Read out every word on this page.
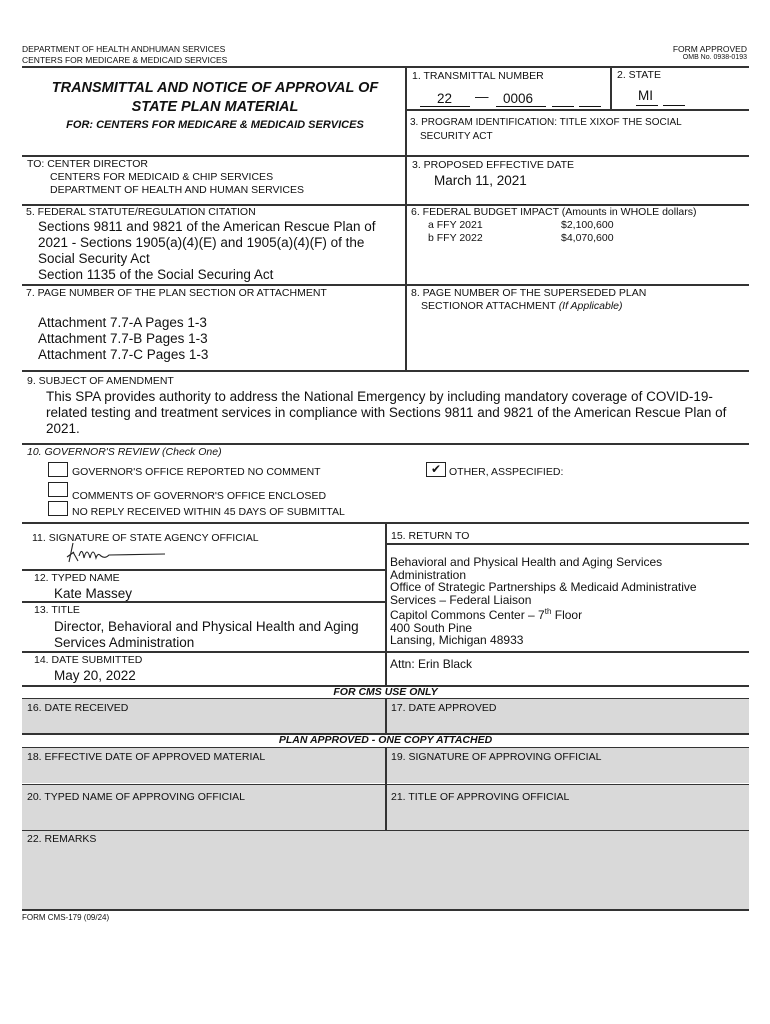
DEPARTMENT OF HEALTH ANDHUMAN SERVICES
CENTERS FOR MEDICARE & MEDICAID SERVICES
FORM APPROVED
OMB No. 0938-0193
TRANSMITTAL AND NOTICE OF APPROVAL OF
STATE PLAN MATERIAL
FOR: CENTERS FOR MEDICARE & MEDICAID SERVICES
1. TRANSMITTAL NUMBER
22 — 0006
2. STATE
MI
3. PROGRAM IDENTIFICATION: TITLE XIXOF THE SOCIAL
SECURITY ACT
TO: CENTER DIRECTOR
CENTERS FOR MEDICAID & CHIP SERVICES
DEPARTMENT OF HEALTH AND HUMAN SERVICES
3. PROPOSED EFFECTIVE DATE
March 11, 2021
5. FEDERAL STATUTE/REGULATION CITATION
Sections 9811 and 9821 of the American Rescue Plan of
2021 - Sections 1905(a)(4)(E) and 1905(a)(4)(F) of the
Social Security Act
Section 1135 of the Social Securing Act
6. FEDERAL BUDGET IMPACT (Amounts in WHOLE dollars)
a FFY 2021	$2,100,600
b FFY 2022	$4,070,600
7. PAGE NUMBER OF THE PLAN SECTION OR ATTACHMENT
Attachment 7.7-A Pages 1-3
Attachment 7.7-B Pages 1-3
Attachment 7.7-C Pages 1-3
8. PAGE NUMBER OF THE SUPERSEDED PLAN
SECTIONOR ATTACHMENT (If Applicable)
9. SUBJECT OF AMENDMENT
This SPA provides authority to address the National Emergency by including mandatory coverage of COVID-19-
related testing and treatment services in compliance with Sections 9811 and 9821 of the American Rescue Plan of
2021.
10. GOVERNOR'S REVIEW (Check One)
GOVERNOR'S OFFICE REPORTED NO COMMENT
COMMENTS OF GOVERNOR'S OFFICE ENCLOSED
NO REPLY RECEIVED WITHIN 45 DAYS OF SUBMITTAL
✔ OTHER, ASSPECIFIED:
11. SIGNATURE OF STATE AGENCY OFFICIAL
12. TYPED NAME
Kate Massey
13. TITLE
Director, Behavioral and Physical Health and Aging
Services Administration
14. DATE SUBMITTED
May 20, 2022
15. RETURN TO
Behavioral and Physical Health and Aging Services
Administration
Office of Strategic Partnerships & Medicaid Administrative
Services – Federal Liaison
Capitol Commons Center – 7th Floor
400 South Pine
Lansing, Michigan 48933
Attn: Erin Black
FOR CMS USE ONLY
16. DATE RECEIVED	17. DATE APPROVED
PLAN APPROVED - ONE COPY ATTACHED
18. EFFECTIVE DATE OF APPROVED MATERIAL	19. SIGNATURE OF APPROVING OFFICIAL
20. TYPED NAME OF APPROVING OFFICIAL	21. TITLE OF APPROVING OFFICIAL
22. REMARKS
FORM CMS-179 (09/24)
